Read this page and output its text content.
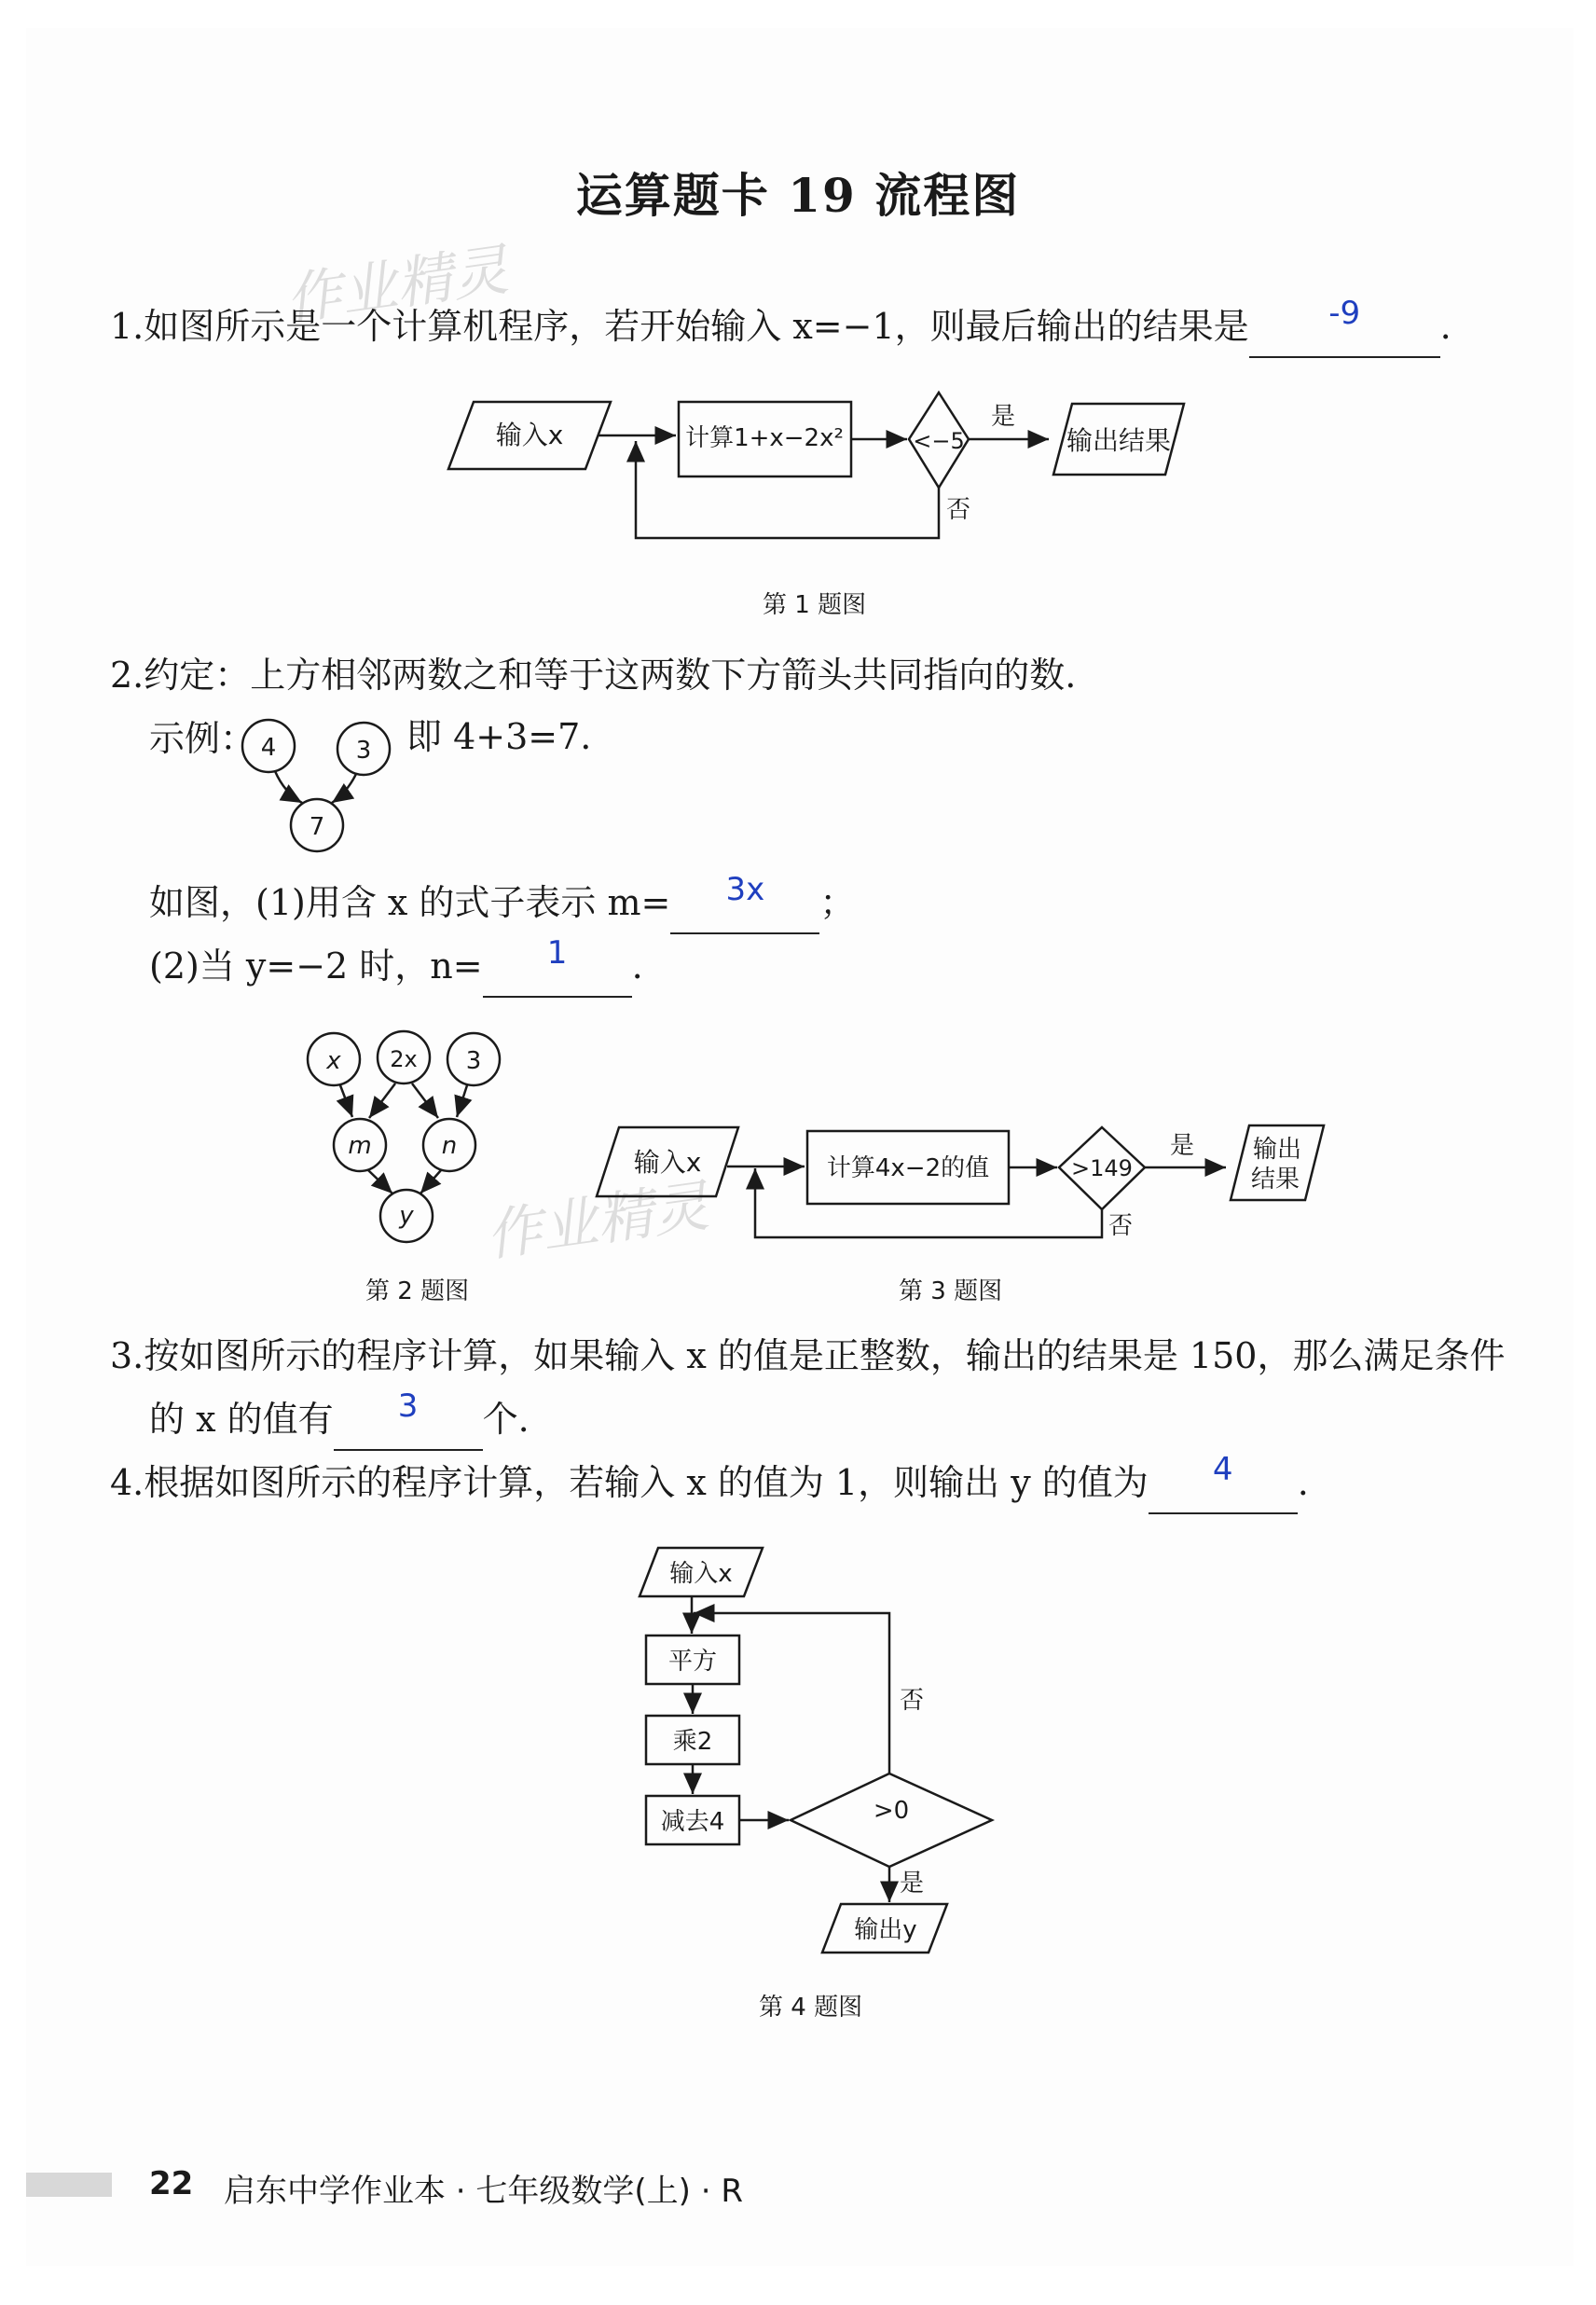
运算题卡 19 流程图
作业精灵
作业精灵
1.如图所示是一个计算机程序，若开始输入 x=−1，则最后输出的结果是	-9 .
输入x	计算1+x−2x²	<−5
是
输出结果
否
第 1 题图
2.约定：上方相邻两数之和等于这两数下方箭头共同指向的数.
示例： 4	3
7
即 4+3=7.
如图，(1)用含 x 的式子表示 m= 3x ；
(2)当 y=−2 时，n= 1 .
x 2x 3
m	n
y
第 2 题图
输入x	计算4x−2的值	>149
是 输出
结果
否
第 3 题图
3.按如图所示的程序计算，如果输入 x 的值是正整数，输出的结果是 150，那么满足条件
的 x 的值有 3 个.
4.根据如图所示的程序计算，若输入 x 的值为 1，则输出 y 的值为 4 .
输入x
平方
乘2
减去4	>0
是
输出y
否
第 4 题图
22 启东中学作业本 · 七年级数学(上) · R
